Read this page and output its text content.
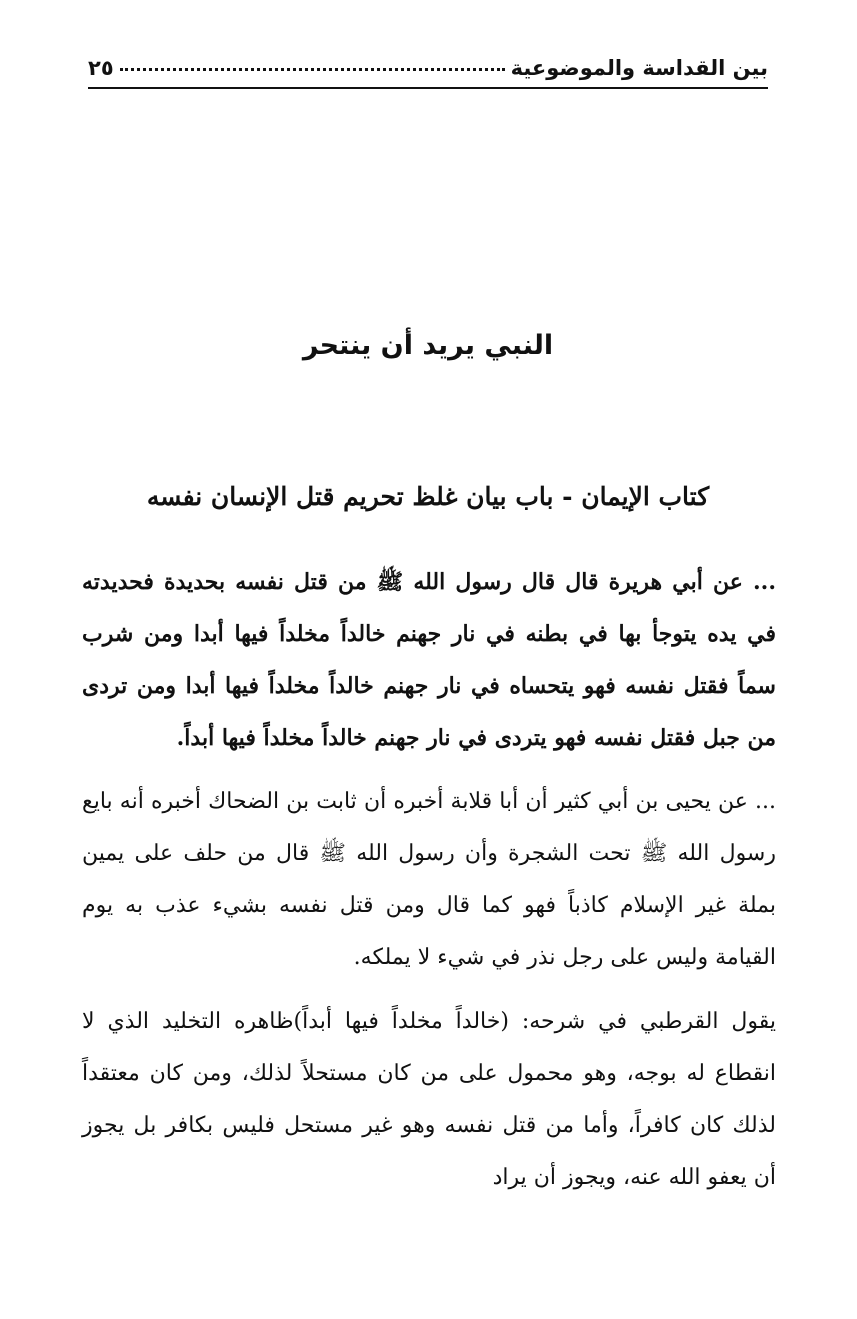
بين القداسة والموضوعية
٢٥
النبي يريد أن ينتحر
كتاب الإيمان - باب بيان غلظ تحريم قتل الإنسان نفسه

... عن أبي هريرة قال قال رسول الله ﷺ من قتل نفسه بحديدة فحديدته في يده يتوجأ بها في بطنه في نار جهنم خالداً مخلداً فيها أبدا ومن شرب سماً فقتل نفسه فهو يتحساه في نار جهنم خالداً مخلداً فيها أبدا ومن تردى من جبل فقتل نفسه فهو يتردى في نار جهنم خالداً مخلداً فيها أبداً.

... عن يحيى بن أبي كثير أن أبا قلابة أخبره أن ثابت بن الضحاك أخبره أنه بايع رسول الله ﷺ تحت الشجرة وأن رسول الله ﷺ قال من حلف على يمين بملة غير الإسلام كاذباً فهو كما قال ومن قتل نفسه بشيء عذب به يوم القيامة وليس على رجل نذر في شيء لا يملكه.

يقول القرطبي في شرحه: (خالداً مخلداً فيها أبداً)ظاهره التخليد الذي لا انقطاع له بوجه، وهو محمول على من كان مستحلاً لذلك، ومن كان معتقداً لذلك كان كافراً، وأما من قتل نفسه وهو غير مستحل فليس بكافر بل يجوز أن يعفو الله عنه، ويجوز أن يراد
